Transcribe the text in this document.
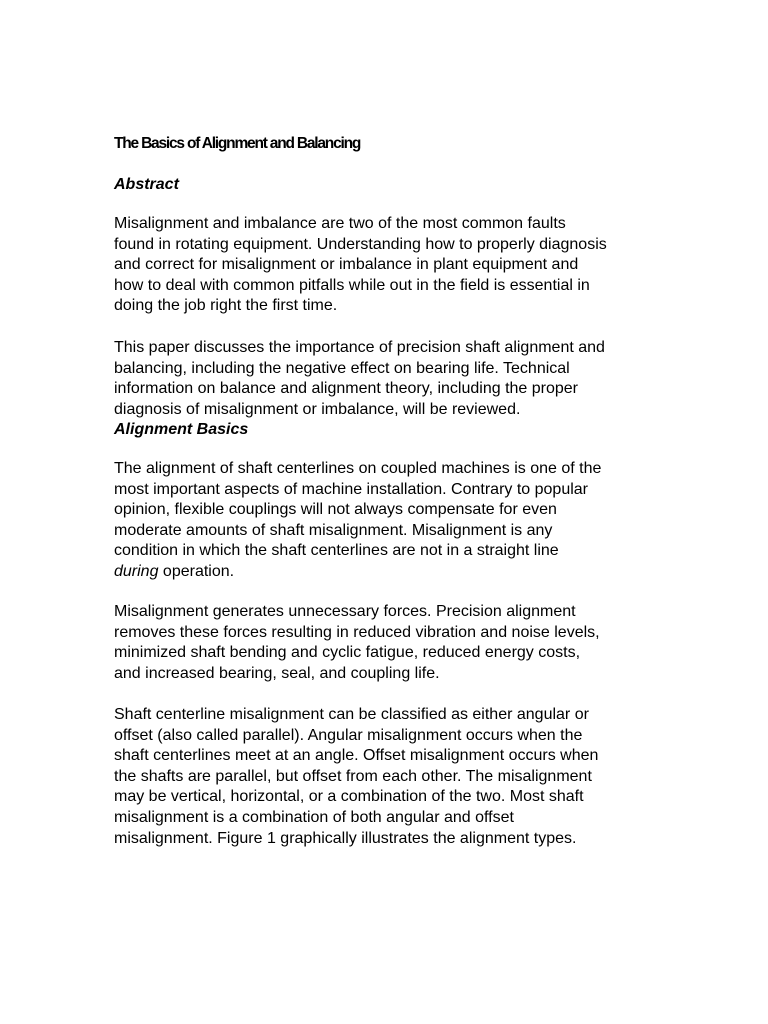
The Basics of Alignment and Balancing
Abstract
Misalignment and imbalance are two of the most common faults
found in rotating equipment. Understanding how to properly diagnosis
and correct for misalignment or imbalance in plant equipment and
how to deal with common pitfalls while out in the field is essential in
doing the job right the first time.
This paper discusses the importance of precision shaft alignment and
balancing, including the negative effect on bearing life. Technical
information on balance and alignment theory, including the proper
diagnosis of misalignment or imbalance, will be reviewed.
Alignment Basics
The alignment of shaft centerlines on coupled machines is one of the
most important aspects of machine installation. Contrary to popular
opinion, flexible couplings will not always compensate for even
moderate amounts of shaft misalignment. Misalignment is any
condition in which the shaft centerlines are not in a straight line
during operation.
Misalignment generates unnecessary forces. Precision alignment
removes these forces resulting in reduced vibration and noise levels,
minimized shaft bending and cyclic fatigue, reduced energy costs,
and increased bearing, seal, and coupling life.
Shaft centerline misalignment can be classified as either angular or
offset (also called parallel). Angular misalignment occurs when the
shaft centerlines meet at an angle. Offset misalignment occurs when
the shafts are parallel, but offset from each other. The misalignment
may be vertical, horizontal, or a combination of the two. Most shaft
misalignment is a combination of both angular and offset
misalignment. Figure 1 graphically illustrates the alignment types.
